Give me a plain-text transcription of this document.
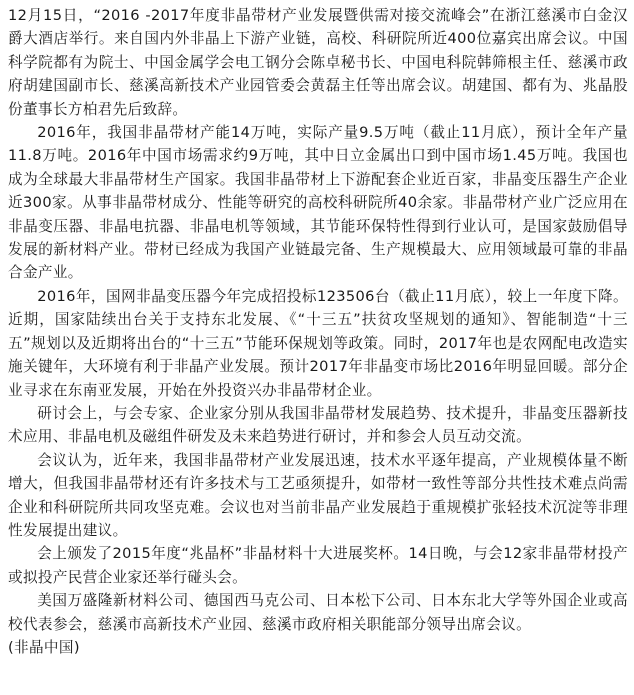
12月15日，“2016 -2017年度非晶带材产业发展暨供需对接交流峰会”在浙江慈溪市白金汉爵大酒店举行。来自国内外非晶上下游产业链，高校、科研院所近400位嘉宾出席会议。中国科学院都有为院士、中国金属学会电工钢分会陈卓秘书长、中国电科院韩筛根主任、慈溪市政府胡建国副市长、慈溪高新技术产业园管委会黄磊主任等出席会议。胡建国、都有为、兆晶股份董事长方柏君先后致辞。

2016年，我国非晶带材产能14万吨，实际产量9.5万吨（截止11月底），预计全年产量11.8万吨。2016年中国市场需求约9万吨，其中日立金属出口到中国市场1.45万吨。我国也成为全球最大非晶带材生产国家。我国非晶带材上下游配套企业近百家，非晶变压器生产企业近300家。从事非晶带材成分、性能等研究的高校科研院所40余家。非晶带材产业广泛应用在非晶变压器、非晶电抗器、非晶电机等领域，其节能环保特性得到行业认可，是国家鼓励倡导发展的新材料产业。带材已经成为我国产业链最完备、生产规模最大、应用领域最可靠的非晶合金产业。

2016年，国网非晶变压器今年完成招投标123506台（截止11月底），较上一年度下降。近期，国家陆续出台关于支持东北发展、《“十三五”扶贫攻坚规划的通知》、智能制造“十三五”规划以及近期将出台的“十三五”节能环保规划等政策。同时，2017年也是农网配电改造实施关键年，大环境有利于非晶产业发展。预计2017年非晶变市场比2016年明显回暖。部分企业寻求在东南亚发展，开始在外投资兴办非晶带材企业。

研讨会上，与会专家、企业家分别从我国非晶带材发展趋势、技术提升，非晶变压器新技术应用、非晶电机及磁组件研发及未来趋势进行研讨，并和参会人员互动交流。

会议认为，近年来，我国非晶带材产业发展迅速，技术水平逐年提高，产业规模体量不断增大，但我国非晶带材还有许多技术与工艺亟须提升，如带材一致性等部分共性技术难点尚需企业和科研院所共同攻坚克难。会议也对当前非晶产业发展趋于重规模扩张轻技术沉淀等非理性发展提出建议。

会上颁发了2015年度“兆晶杯”非晶材料十大进展奖杯。14日晚，与会12家非晶带材投产或拟投产民营企业家还举行碰头会。

美国万盛隆新材料公司、德国西马克公司、日本松下公司、日本东北大学等外国企业或高校代表参会，慈溪市高新技术产业园、慈溪市政府相关职能部分领导出席会议。

(非晶中国)
